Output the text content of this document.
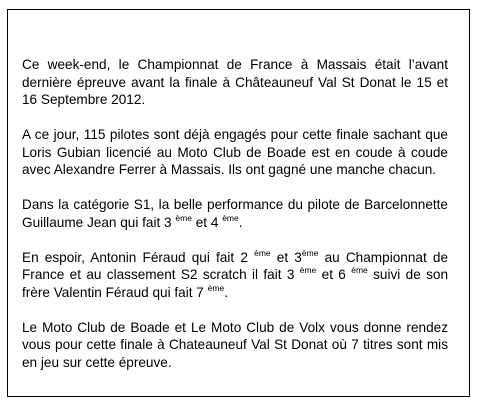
Ce week-end, le Championnat de France à Massais était l’avant dernière épreuve avant la finale à Châteauneuf Val St Donat le 15 et 16 Septembre 2012.

A ce jour, 115 pilotes sont déjà engagés pour cette finale sachant que Loris Gubian licencié au Moto Club de Boade est en coude à coude avec Alexandre Ferrer à Massais. Ils ont gagné une manche chacun.

Dans la catégorie S1, la belle performance du pilote de Barcelonnette Guillaume Jean qui fait 3 $^{ème}$ et 4 $^{ème}$.

En espoir, Antonin Féraud qui fait 2 $^{ème}$ et 3ème au Championnat de France et au classement S2 scratch il fait 3 $^{ème}$ et 6 $^{ème}$ suivi de son frère Valentin Féraud qui fait 7 $^{ème}$.

Le Moto Club de Boade et Le Moto Club de Volx vous donne rendez vous pour cette finale à Chateauneuf Val St Donat où 7 titres sont mis en jeu sur cette épreuve.
